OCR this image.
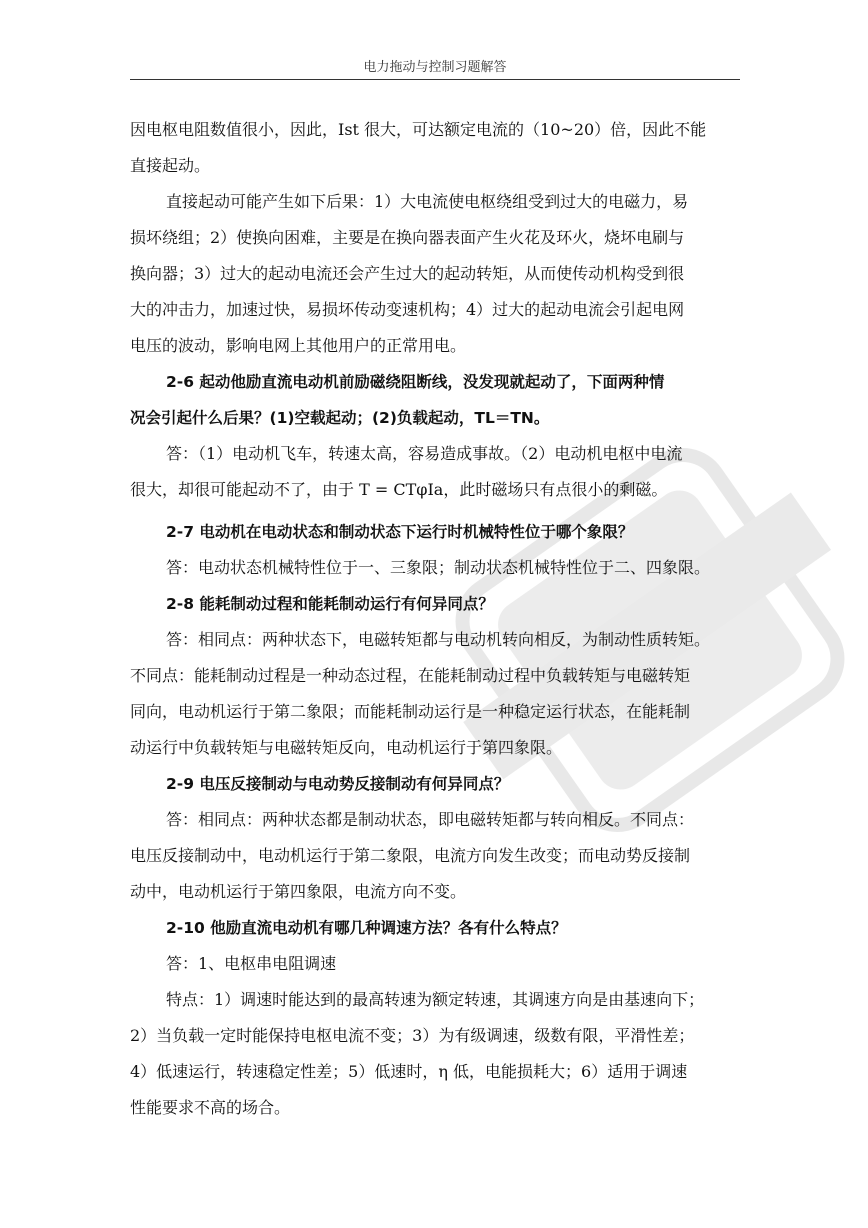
电力拖动与控制习题解答
因电枢电阻数值很小，因此，Ist 很大，可达额定电流的（10~20）倍，因此不能
直接起动。
直接起动可能产生如下后果：1）大电流使电枢绕组受到过大的电磁力，易
损坏绕组；2）使换向困难，主要是在换向器表面产生火花及环火，烧坏电刷与
换向器；3）过大的起动电流还会产生过大的起动转矩，从而使传动机构受到很
大的冲击力，加速过快，易损坏传动变速机构；4）过大的起动电流会引起电网
电压的波动，影响电网上其他用户的正常用电。
2-6 起动他励直流电动机前励磁绕阻断线，没发现就起动了，下面两种情
况会引起什么后果？(1)空载起动；(2)负载起动，TL＝TN。
答：（1）电动机飞车，转速太高，容易造成事故。（2）电动机电枢中电流
很大，却很可能起动不了，由于 T = CTφIa，此时磁场只有点很小的剩磁。
2-7 电动机在电动状态和制动状态下运行时机械特性位于哪个象限？
答：电动状态机械特性位于一、三象限；制动状态机械特性位于二、四象限。
2-8 能耗制动过程和能耗制动运行有何异同点？
答：相同点：两种状态下，电磁转矩都与电动机转向相反，为制动性质转矩。
不同点：能耗制动过程是一种动态过程，在能耗制动过程中负载转矩与电磁转矩
同向，电动机运行于第二象限；而能耗制动运行是一种稳定运行状态，在能耗制
动运行中负载转矩与电磁转矩反向，电动机运行于第四象限。
2-9 电压反接制动与电动势反接制动有何异同点？
答：相同点：两种状态都是制动状态，即电磁转矩都与转向相反。不同点：
电压反接制动中，电动机运行于第二象限，电流方向发生改变；而电动势反接制
动中，电动机运行于第四象限，电流方向不变。
2-10 他励直流电动机有哪几种调速方法？各有什么特点？
答：1、电枢串电阻调速
特点：1）调速时能达到的最高转速为额定转速，其调速方向是由基速向下；
2）当负载一定时能保持电枢电流不变；3）为有级调速，级数有限，平滑性差；
4）低速运行，转速稳定性差；5）低速时，η 低，电能损耗大；6）适用于调速
性能要求不高的场合。
